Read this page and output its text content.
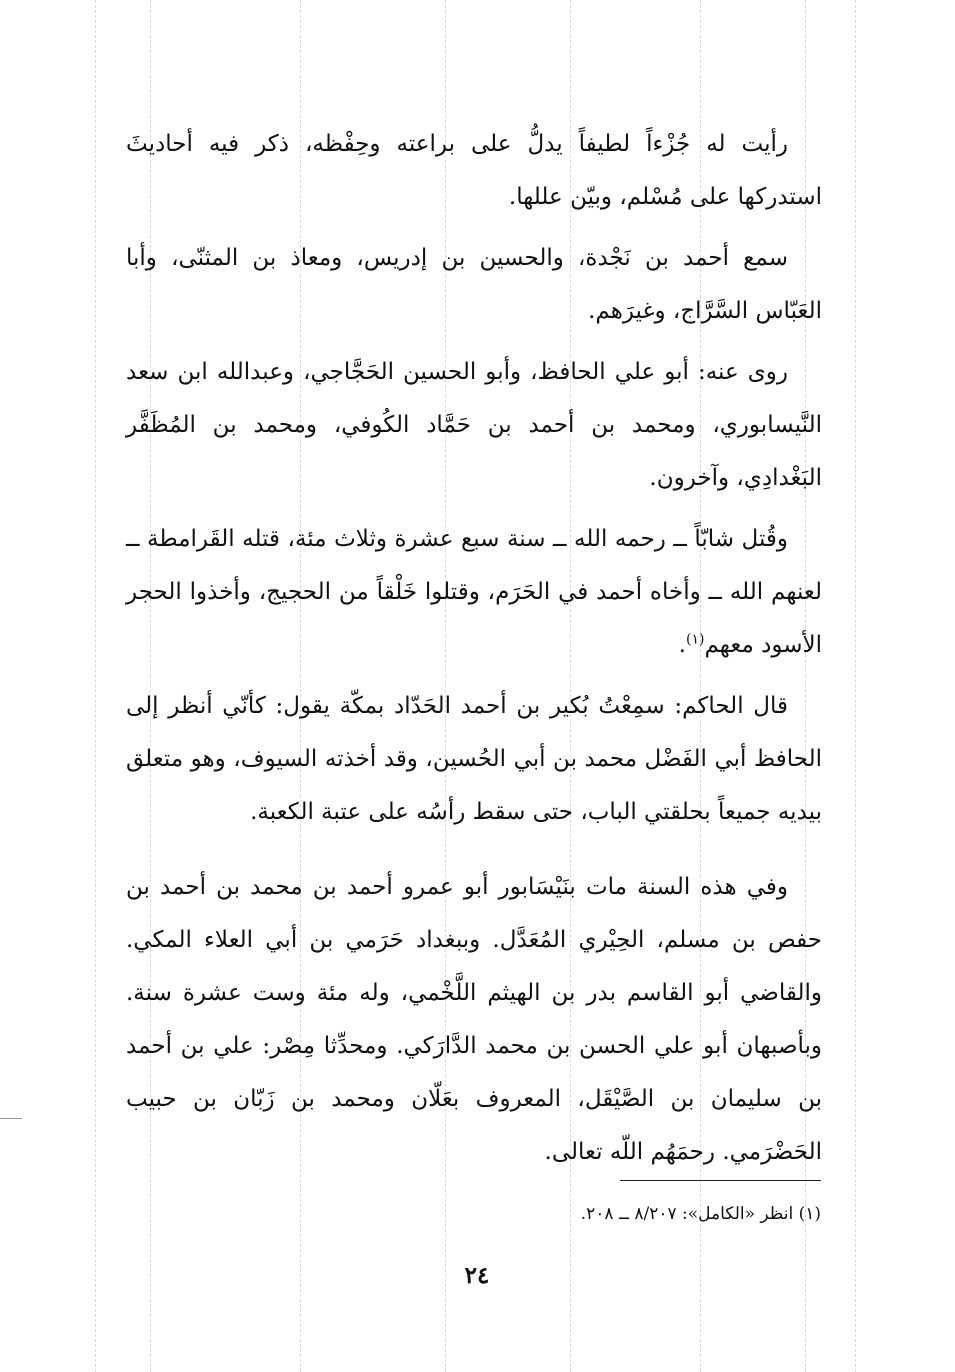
رأيت له جُزْءاً لطيفاً يدلُّ على براعته وحِفْظه، ذكر فيه أحاديثَ استدركها على مُسْلم، وبيّن عللها.

سمع أحمد بن نَجْدة، والحسين بن إدريس، ومعاذ بن المثنّى، وأبا العَبّاس السَّرَّاج، وغيرَهم.

روى عنه: أبو علي الحافظ، وأبو الحسين الحَجَّاجي، وعبدالله ابن سعد النَّيسابوري، ومحمد بن أحمد بن حَمَّاد الكُوفي، ومحمد بن المُظَفَّر البَغْدادِي، وآخرون.

وقُتل شابّاً ــ رحمه الله ــ سنة سبع عشرة وثلاث مئة، قتله القَرامطة ــ لعنهم الله ــ وأخاه أحمد في الحَرَم، وقتلوا خَلْقاً من الحجيج، وأخذوا الحجر الأسود معهم$^{(١)}$.

قال الحاكم: سمِعْتُ بُكير بن أحمد الحَدّاد بمكّة يقول: كأنّي أنظر إلى الحافظ أبي الفَضْل محمد بن أبي الحُسين، وقد أخذته السيوف، وهو متعلق بيديه جميعاً بحلقتي الباب، حتى سقط رأسُه على عتبة الكعبة.

وفي هذه السنة مات بنَيْسَابور أبو عمرو أحمد بن محمد بن أحمد بن حفص بن مسلم، الحِيْري المُعَدَّل. وببغداد حَرَمي بن أبي العلاء المكي. والقاضي أبو القاسم بدر بن الهيثم اللَّخْمي، وله مئة وست عشرة سنة. وبأصبهان أبو علي الحسن بن محمد الدَّارَكي. ومحدِّثا مِصْر: علي بن أحمد بن سليمان بن الصَّيْقَل، المعروف بعَلّان ومحمد بن زَبّان بن حبيب الحَضْرَمي. رحمَهُم اللّه تعالى.

(١) انظر «الكامل»: ٨/٢٠٧ ــ ٢٠٨.
٢٤
